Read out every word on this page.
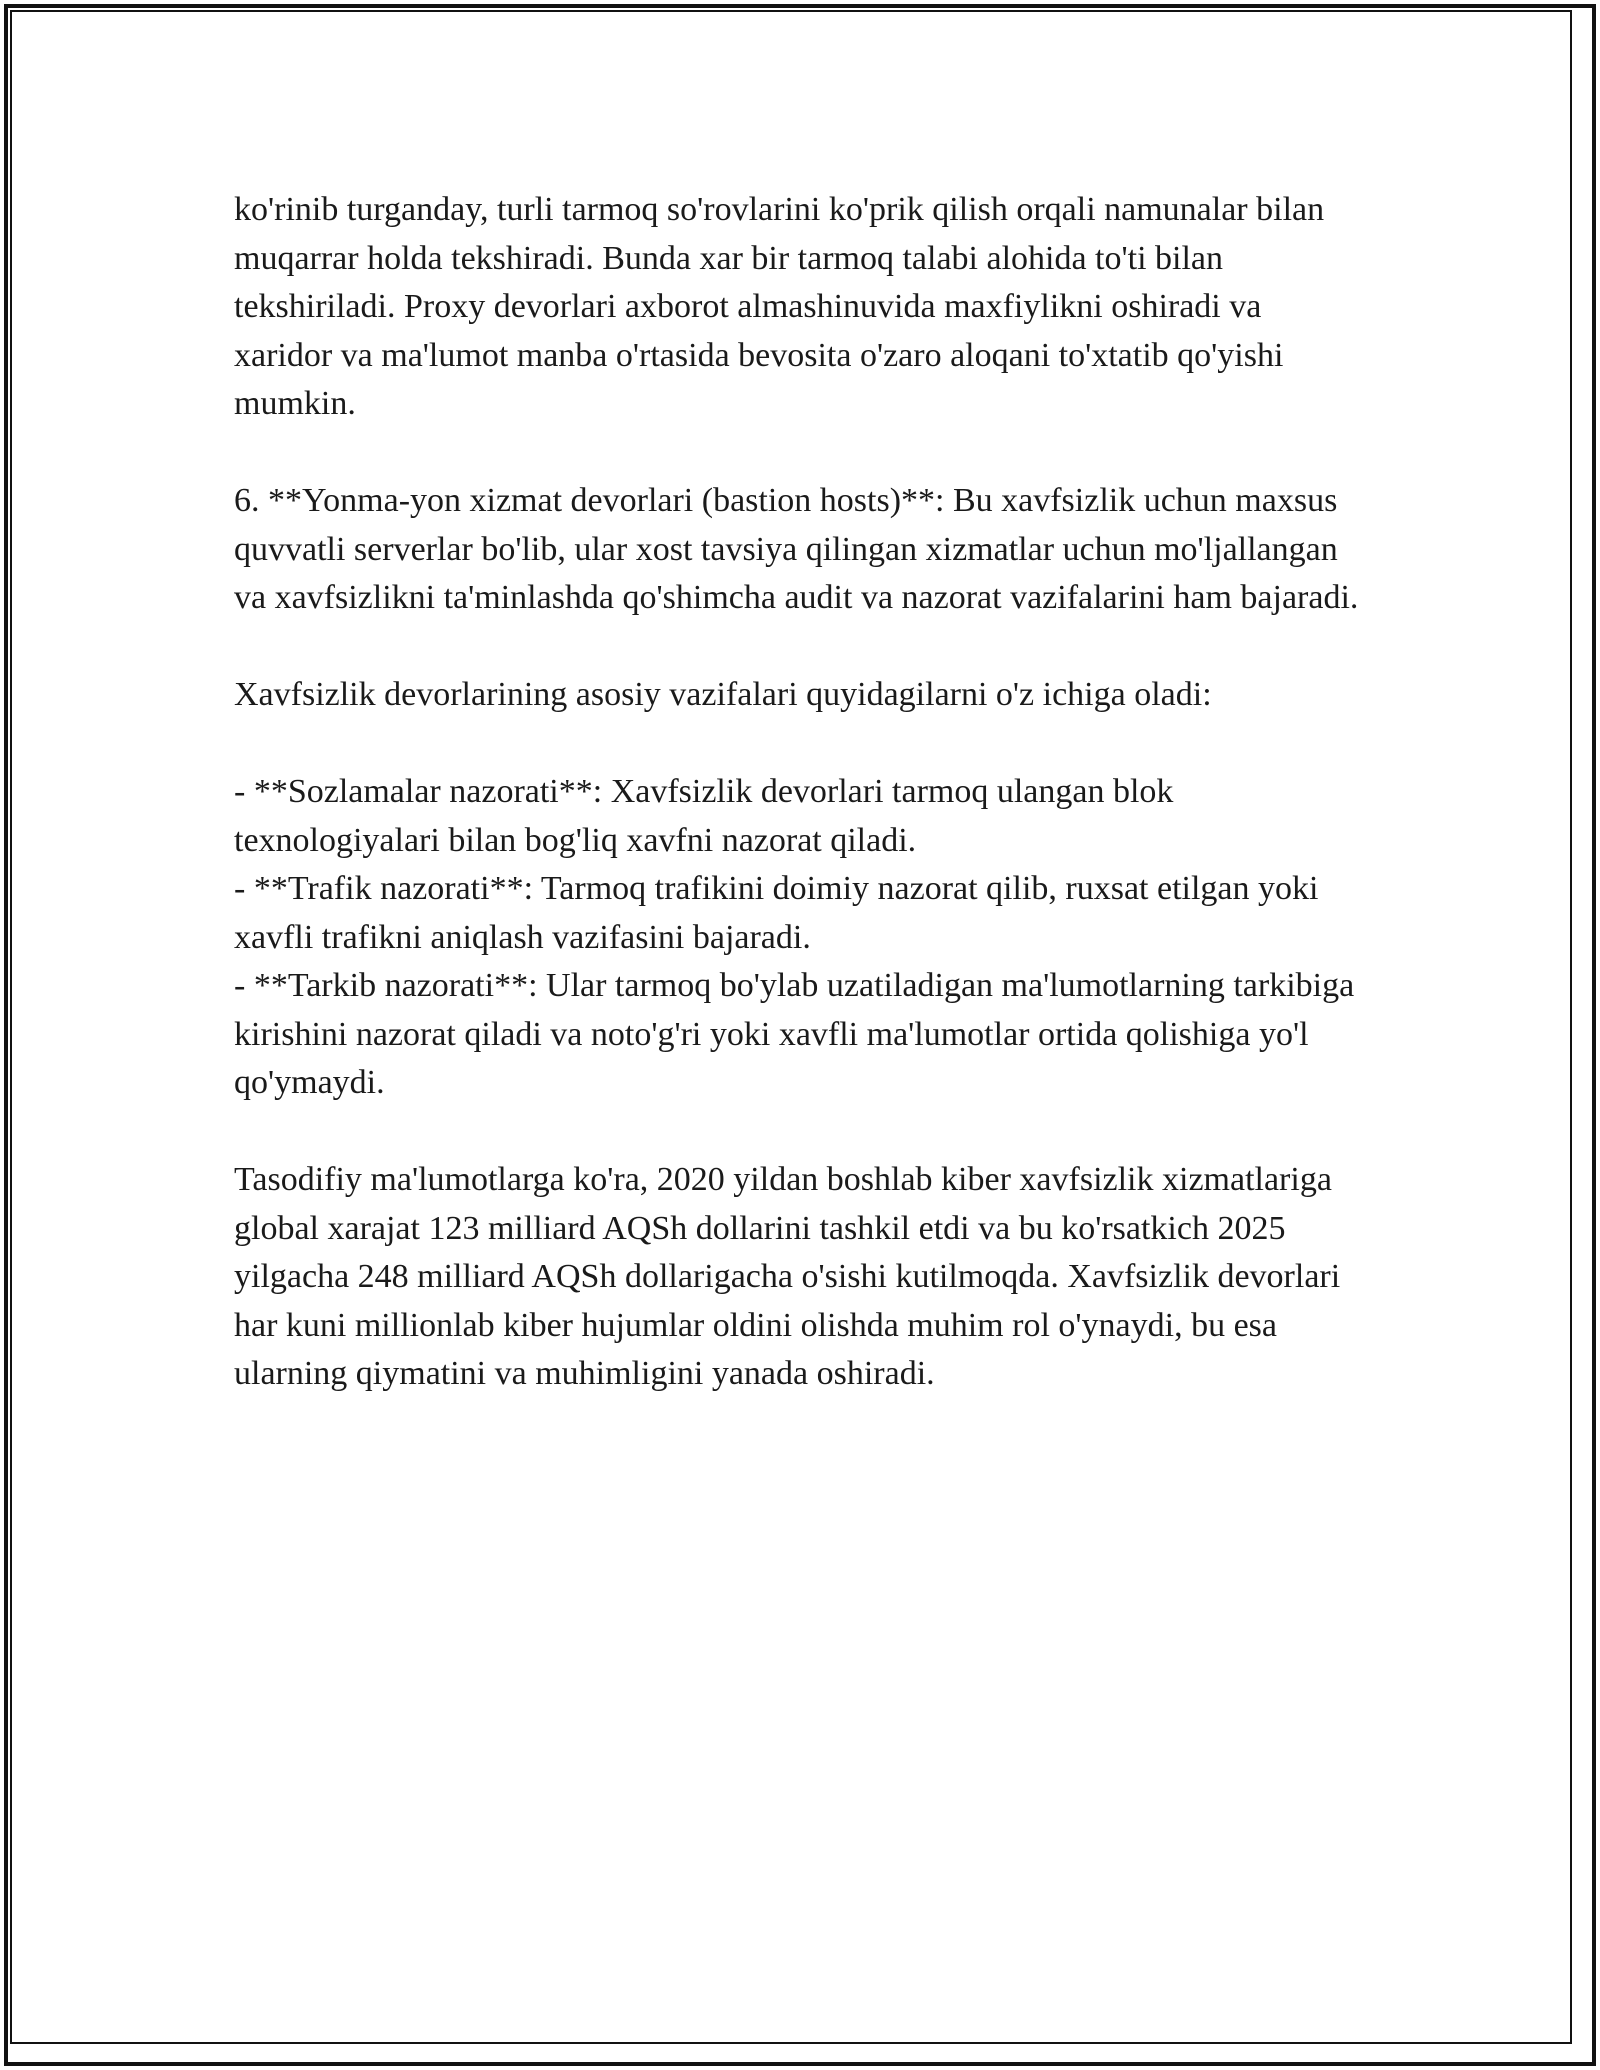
ko'rinib turganday, turli tarmoq so'rovlarini ko'prik qilish orqali namunalar bilan muqarrar holda tekshiradi. Bunda xar bir tarmoq talabi alohida to'ti bilan tekshiriladi. Proxy devorlari axborot almashinuvida maxfiylikni oshiradi va xaridor va ma'lumot manba o'rtasida bevosita o'zaro aloqani to'xtatib qo'yishi mumkin.

6. **Yonma-yon xizmat devorlari (bastion hosts)**: Bu xavfsizlik uchun maxsus quvvatli serverlar bo'lib, ular xost tavsiya qilingan xizmatlar uchun mo'ljallangan va xavfsizlikni ta'minlashda qo'shimcha audit va nazorat vazifalarini ham bajaradi.

Xavfsizlik devorlarining asosiy vazifalari quyidagilarni o'z ichiga oladi:

- **Sozlamalar nazorati**: Xavfsizlik devorlari tarmoq ulangan blok texnologiyalari bilan bog'liq xavfni nazorat qiladi.

- **Trafik nazorati**: Tarmoq trafikini doimiy nazorat qilib, ruxsat etilgan yoki xavfli trafikni aniqlash vazifasini bajaradi.

- **Tarkib nazorati**: Ular tarmoq bo'ylab uzatiladigan ma'lumotlarning tarkibiga kirishini nazorat qiladi va noto'g'ri yoki xavfli ma'lumotlar ortida qolishiga yo'l qo'ymaydi.

Tasodifiy ma'lumotlarga ko'ra, 2020 yildan boshlab kiber xavfsizlik xizmatlariga global xarajat 123 milliard AQSh dollarini tashkil etdi va bu ko'rsatkich 2025 yilgacha 248 milliard AQSh dollarigacha o'sishi kutilmoqda. Xavfsizlik devorlari har kuni millionlab kiber hujumlar oldini olishda muhim rol o'ynaydi, bu esa ularning qiymatini va muhimligini yanada oshiradi.
